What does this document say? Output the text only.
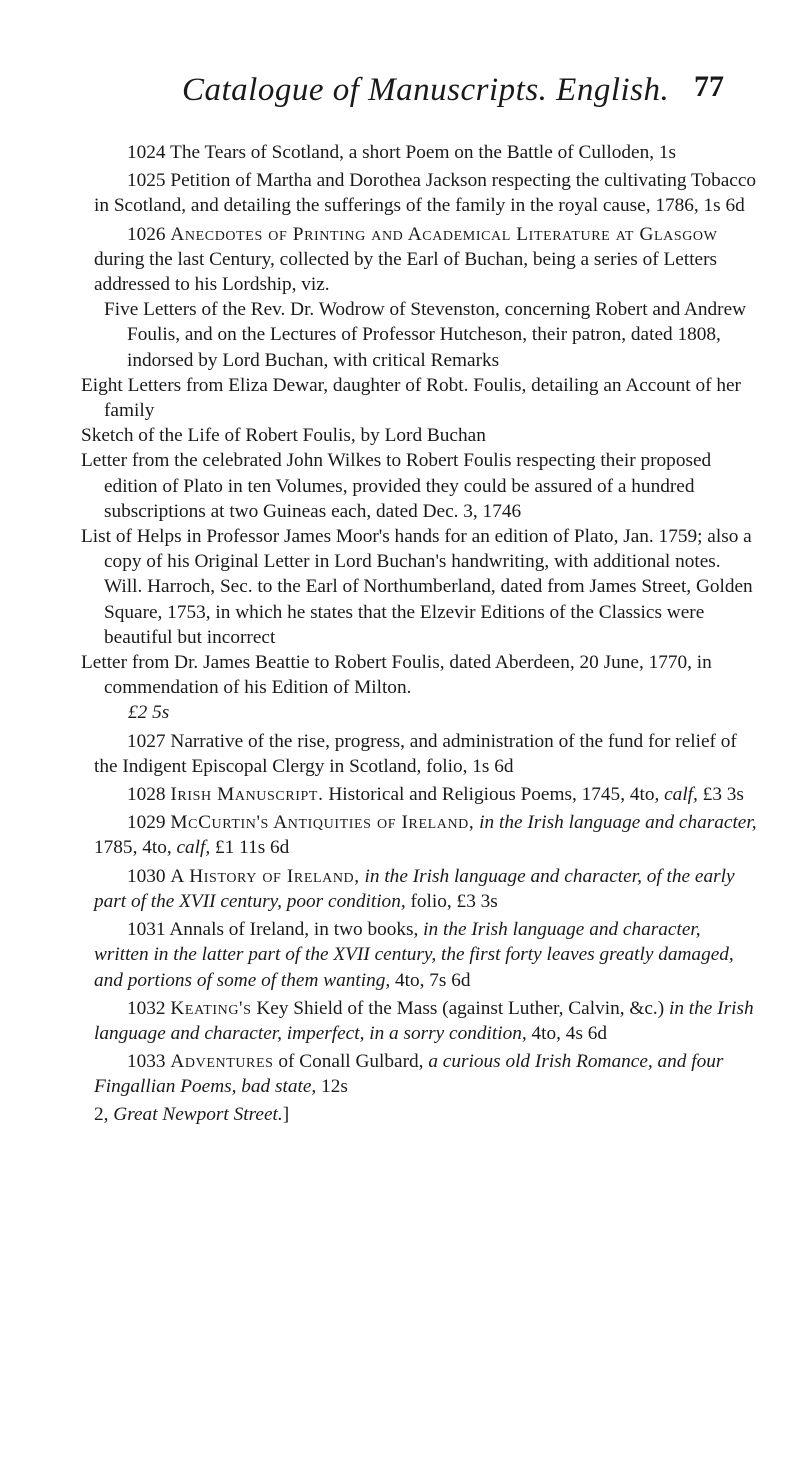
Catalogue of Manuscripts. English. 77

1024 The Tears of Scotland, a short Poem on the Battle of Culloden, 1s

1025 Petition of Martha and Dorothea Jackson respecting the cultivating Tobacco in Scotland, and detailing the sufferings of the family in the royal cause, 1786, 1s 6d

1026 Anecdotes of Printing and Academical Literature at Glasgow during the last Century, collected by the Earl of Buchan, being a series of Letters addressed to his Lordship, viz.

Five Letters of the Rev. Dr. Wodrow of Stevenston, concerning Robert and Andrew Foulis, and on the Lectures of Professor Hutcheson, their patron, dated 1808, indorsed by Lord Buchan, with critical Remarks

Eight Letters from Eliza Dewar, daughter of Robt. Foulis, detailing an Account of her family

Sketch of the Life of Robert Foulis, by Lord Buchan

Letter from the celebrated John Wilkes to Robert Foulis respecting their proposed edition of Plato in ten Volumes, provided they could be assured of a hundred subscriptions at two Guineas each, dated Dec. 3, 1746

List of Helps in Professor James Moor's hands for an edition of Plato, Jan. 1759; also a copy of his Original Letter in Lord Buchan's handwriting, with additional notes. Will. Harroch, Sec. to the Earl of Northumberland, dated from James Street, Golden Square, 1753, in which he states that the Elzevir Editions of the Classics were beautiful but incorrect

Letter from Dr. James Beattie to Robert Foulis, dated Aberdeen, 20 June, 1770, in commendation of his Edition of Milton.

£2 5s

1027 Narrative of the rise, progress, and administration of the fund for relief of the Indigent Episcopal Clergy in Scotland, folio, 1s 6d

1028 Irish Manuscript. Historical and Religious Poems, 1745, 4to, calf, £3 3s

1029 McCurtin's Antiquities of Ireland, in the Irish language and character, 1785, 4to, calf, £1 11s 6d

1030 A History of Ireland, in the Irish language and character, of the early part of the XVII century, poor condition, folio, £3 3s

1031 Annals of Ireland, in two books, in the Irish language and character, written in the latter part of the XVII century, the first forty leaves greatly damaged, and portions of some of them wanting, 4to, 7s 6d

1032 Keating's Key Shield of the Mass (against Luther, Calvin, &c.) in the Irish language and character, imperfect, in a sorry condition, 4to, 4s 6d

1033 Adventures of Conall Gulbard, a curious old Irish Romance, and four Fingallian Poems, bad state, 12s

2, Great Newport Street.]
